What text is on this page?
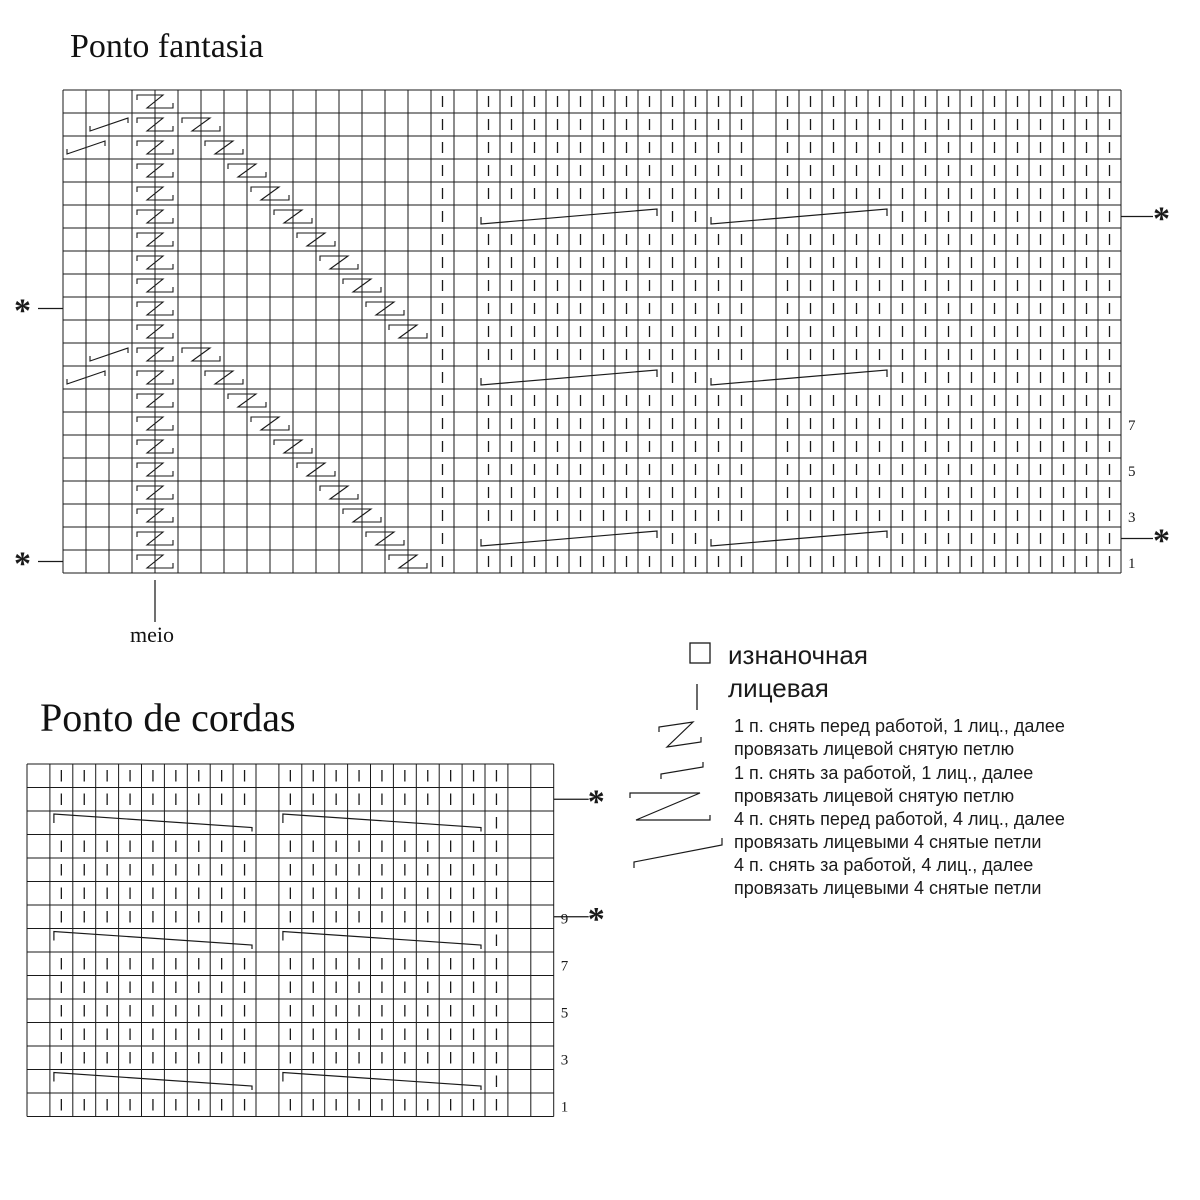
Ponto fantasia
7
5
3
1
*
*
*
*
meio
Ponto de cordas
9
7
5
3
1
*
*
изнаночная
лицевая
1 п. снять перед работой, 1 лиц., далее провязать лицевой снятую петлю
1 п. снять за работой, 1 лиц., далее провязать лицевой снятую петлю
4 п. снять перед работой, 4 лиц., далее провязать лицевыми 4 снятые петли
4 п. снять за работой, 4 лиц., далее провязать лицевыми 4 снятые петли
